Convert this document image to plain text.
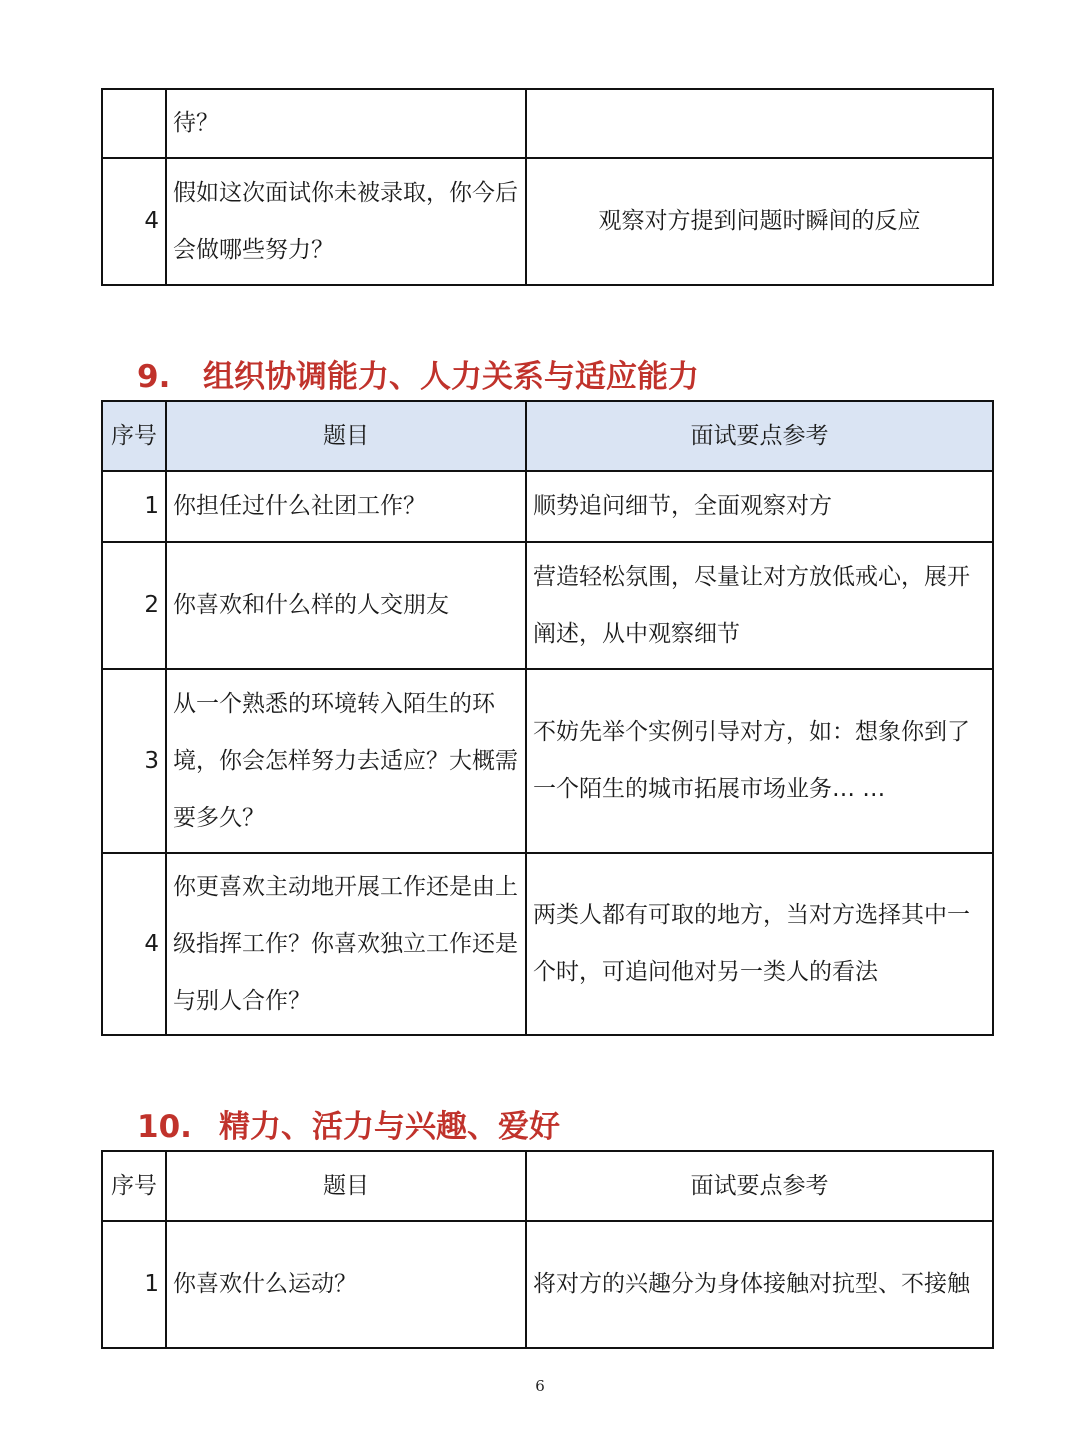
	待？	
4	假如这次面试你未被录取，你今后会做哪些努力？	观察对方提到问题时瞬间的反应
9. 组织协调能力、人力关系与适应能力
序号	题目	面试要点参考
1	你担任过什么社团工作？	顺势追问细节，全面观察对方
2	你喜欢和什么样的人交朋友	营造轻松氛围，尽量让对方放低戒心，展开阐述，从中观察细节
3	从一个熟悉的环境转入陌生的环境，你会怎样努力去适应？大概需要多久？	不妨先举个实例引导对方，如：想象你到了一个陌生的城市拓展市场业务… …
4	你更喜欢主动地开展工作还是由上级指挥工作？你喜欢独立工作还是与别人合作？	两类人都有可取的地方，当对方选择其中一个时，可追问他对另一类人的看法
10. 精力、活力与兴趣、爱好
序号	题目	面试要点参考
1	你喜欢什么运动？	将对方的兴趣分为身体接触对抗型、不接触
6
